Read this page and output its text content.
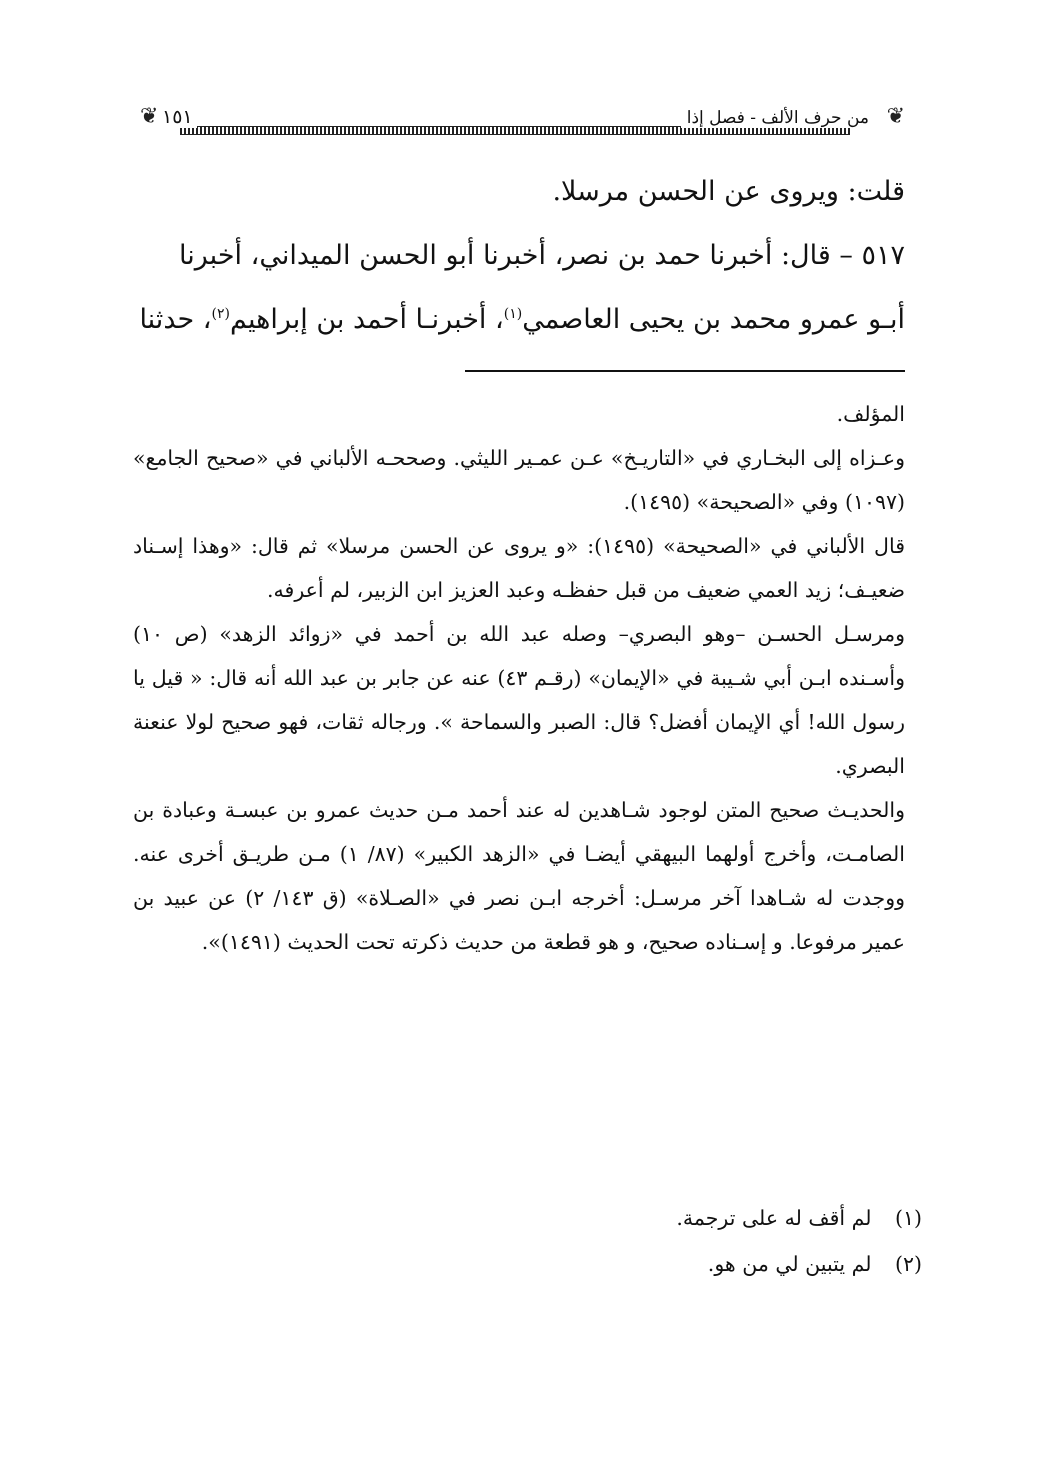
❦
من حرف الألف - فصل إذا
١٥١
❦

قلت: ويروى عن الحسن مرسلا.

٥١٧ – قال: أخبرنا حمد بن نصر، أخبرنا أبو الحسن الميداني، أخبرنا

أبـو عمرو محمد بن يحيى العاصمي$^{(١)}$، أخبرنـا أحمد بن إبراهيم$^{(٢)}$، حدثنا

المؤلف.

وعـزاه إلى البخـاري في «التاريـخ» عـن عمـير الليثي. وصححـه الألباني في «صحيح الجامع» (١٠٩٧) وفي «الصحيحة» (١٤٩٥).

قال الألباني في «الصحيحة» (١٤٩٥): «و يروى عن الحسن مرسلا» ثم قال: «وهذا إسـناد ضعيـف؛ زيد العمي ضعيف من قبل حفظـه وعبد العزيز ابن الزبير، لم أعرفه.

ومرسـل الحسـن –وهو البصري– وصله عبد الله بن أحمد في «زوائد الزهد» (ص ١٠) وأسـنده ابـن أبي شـيبة في «الإيمان» (رقـم ٤٣) عنه عن جابر بن عبد الله أنه قال: « قيل يا رسول الله! أي الإيمان أفضل؟ قال: الصبر والسماحة ». ورجاله ثقات، فهو صحيح لولا عنعنة البصري.

والحديـث صحيح المتن لوجود شـاهدين له عند أحمد مـن حديث عمرو بن عبسـة وعبادة بن الصامـت، وأخرج أولهما البيهقي أيضـا في «الزهد الكبير» (٨٧/ ١) مـن طريـق أخرى عنه. ووجدت له شـاهدا آخر مرسـل: أخرجه ابـن نصر في «الصـلاة» (ق ١٤٣/ ٢) عن عبيد بن عمير مرفوعا. و إسـناده صحيح، و هو قطعة من حديث ذكرته تحت الحديث (١٤٩١)».

(١) لم أقف له على ترجمة.
(٢) لم يتبين لي من هو.
